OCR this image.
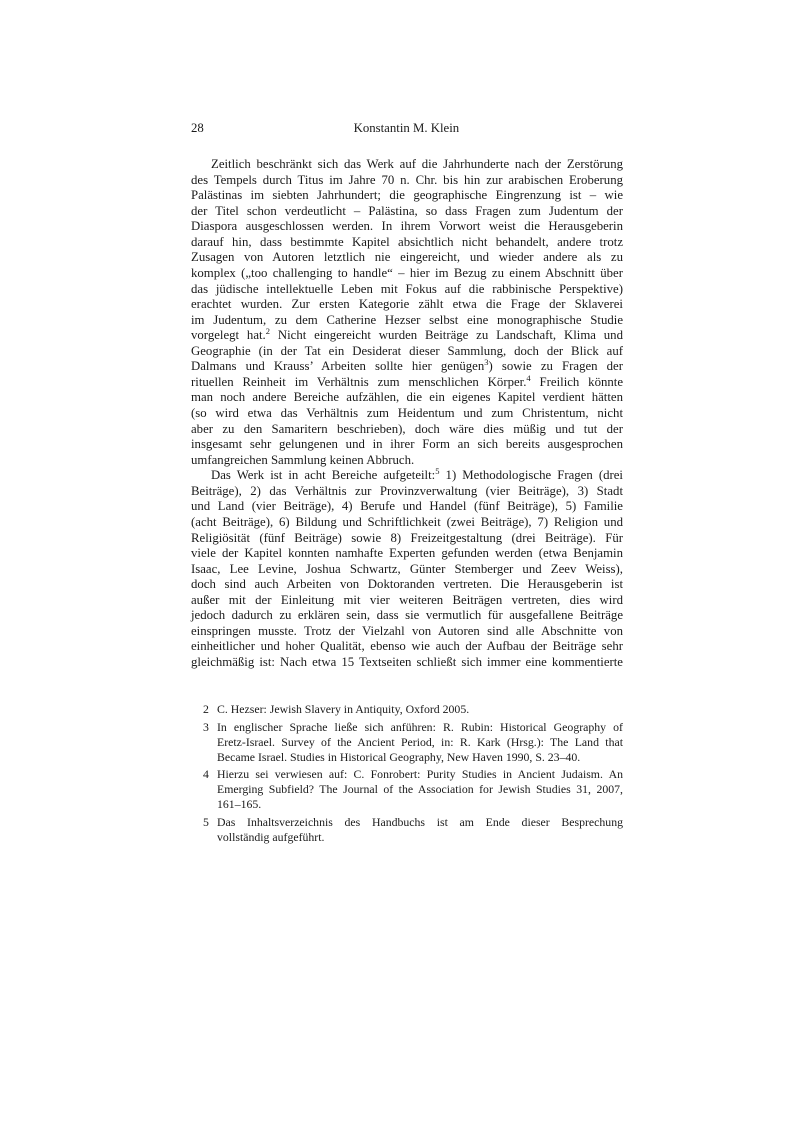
28	Konstantin M. Klein
Zeitlich beschränkt sich das Werk auf die Jahrhunderte nach der Zerstörung
des Tempels durch Titus im Jahre 70 n. Chr. bis hin zur arabischen Eroberung
Palästinas im siebten Jahrhundert; die geographische Eingrenzung ist – wie
der Titel schon verdeutlicht – Palästina, so dass Fragen zum Judentum der
Diaspora ausgeschlossen werden. In ihrem Vorwort weist die Herausgeberin
darauf hin, dass bestimmte Kapitel absichtlich nicht behandelt, andere trotz
Zusagen von Autoren letztlich nie eingereicht, und wieder andere als zu
komplex („too challenging to handle“ – hier im Bezug zu einem Abschnitt über
das jüdische intellektuelle Leben mit Fokus auf die rabbinische Perspektive)
erachtet wurden. Zur ersten Kategorie zählt etwa die Frage der Sklaverei
im Judentum, zu dem Catherine Hezser selbst eine monographische Studie
vorgelegt hat.$^2$ Nicht eingereicht wurden Beiträge zu Landschaft, Klima und
Geographie (in der Tat ein Desiderat dieser Sammlung, doch der Blick auf
Dalmans und Krauss’ Arbeiten sollte hier genügen$^3$) sowie zu Fragen der
rituellen Reinheit im Verhältnis zum menschlichen Körper.$^4$ Freilich könnte
man noch andere Bereiche aufzählen, die ein eigenes Kapitel verdient hätten
(so wird etwa das Verhältnis zum Heidentum und zum Christentum, nicht
aber zu den Samaritern beschrieben), doch wäre dies müßig und tut der
insgesamt sehr gelungenen und in ihrer Form an sich bereits ausgesprochen
umfangreichen Sammlung keinen Abbruch.
Das Werk ist in acht Bereiche aufgeteilt:$^5$ 1) Methodologische Fragen (drei
Beiträge), 2) das Verhältnis zur Provinzverwaltung (vier Beiträge), 3) Stadt
und Land (vier Beiträge), 4) Berufe und Handel (fünf Beiträge), 5) Familie
(acht Beiträge), 6) Bildung und Schriftlichkeit (zwei Beiträge), 7) Religion und
Religiösität (fünf Beiträge) sowie 8) Freizeitgestaltung (drei Beiträge). Für
viele der Kapitel konnten namhafte Experten gefunden werden (etwa Benjamin
Isaac, Lee Levine, Joshua Schwartz, Günter Stemberger und Zeev Weiss),
doch sind auch Arbeiten von Doktoranden vertreten. Die Herausgeberin ist
außer mit der Einleitung mit vier weiteren Beiträgen vertreten, dies wird
jedoch dadurch zu erklären sein, dass sie vermutlich für ausgefallene Beiträge
einspringen musste. Trotz der Vielzahl von Autoren sind alle Abschnitte von
einheitlicher und hoher Qualität, ebenso wie auch der Aufbau der Beiträge sehr
gleichmäßig ist: Nach etwa 15 Textseiten schließt sich immer eine kommentierte
2 C. Hezser: Jewish Slavery in Antiquity, Oxford 2005.
3 In englischer Sprache ließe sich anführen: R. Rubin: Historical Geography of
Eretz-Israel. Survey of the Ancient Period, in: R. Kark (Hrsg.): The Land that
Became Israel. Studies in Historical Geography, New Haven 1990, S. 23–40.
4 Hierzu sei verwiesen auf: C. Fonrobert: Purity Studies in Ancient Judaism. An
Emerging Subfield? The Journal of the Association for Jewish Studies 31, 2007,
161–165.
5 Das Inhaltsverzeichnis des Handbuchs ist am Ende dieser Besprechung
vollständig aufgeführt.
